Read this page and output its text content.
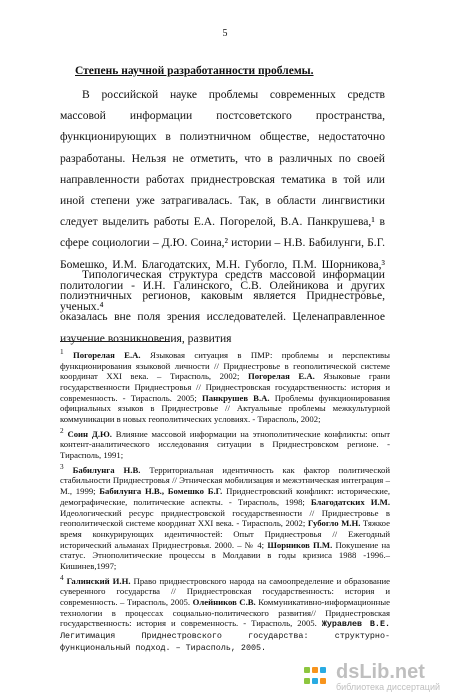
5
Степень научной разработанности проблемы.

В российской науке проблемы современных средств массовой информации постсоветского пространства, функционирующих в полиэтничном обществе, недостаточно разработаны. Нельзя не отметить, что в различных по своей направленности работах приднестровская тематика в той или иной степени уже затрагивалась. Так, в области лингвистики следует выделить работы Е.А. Погорелой, В.А. Панкрушева,¹ в сфере социологии – Д.Ю. Соина,² истории – Н.В. Бабилунги, Б.Г. Бомешко, И.М. Благодатских, М.Н. Губогло, П.М. Шорникова,³ политологии - И.Н. Галинского, С.В. Олейникова и других ученых.⁴

Типологическая структура средств массовой информации полиэтничных регионов, каковым является Приднестровье, оказалась вне поля зрения исследователей. Целенаправленное изучение возникновения, развития

$^1$ Погорелая Е.А. Языковая ситуация в ПМР: проблемы и перспективы функционирования языковой личности // Приднестровье в геополитической системе координат XXI века. – Тирасполь, 2002; Погорелая Е.А. Языковые грани государственности Приднестровья // Приднестровская государственность: история и современность. - Тирасполь. 2005; Панкрушев В.А. Проблемы функционирования официальных языков в Приднестровье // Актуальные проблемы межкультурной коммуникации в новых геополитических условиях. - Тирасполь, 2002;

$^2$ Соин Д.Ю. Влияние массовой информации на этнополитические конфликты: опыт контент-аналитического исследования ситуации в Приднестровском регионе. - Тирасполь, 1991;

$^3$ Бабилунга Н.В. Территориальная идентичность как фактор политической стабильности Приднестровья // Этническая мобилизация и межэтническая интеграция – М., 1999; Бабилунга Н.В., Бомешко Б.Г. Приднестровский конфликт: исторические, демографические, политические аспекты. - Тирасполь, 1998; Благодатских И.М. Идеологический ресурс приднестровской государственности // Приднестровье в геополитической системе координат XXI века. - Тирасполь, 2002; Губогло М.Н. Тяжкое время конкурирующих идентичностей: Опыт Приднестровья // Ежегодный исторический альманах Приднестровья. 2000. – № 4; Шорников П.М. Покушение на статус. Этнополитические процессы в Молдавии в годы кризиса 1988 -1996.– Кишинев,1997;

$^4$ Галинский И.Н. Право приднестровского народа на самоопределение и образование суверенного государства // Приднестровская государственность: история и современность. – Тирасполь, 2005. Олейников С.В. Коммуникативно-информационные технологии в процессах социально-политического развития// Приднестровская государственность: история и современность. - Тирасполь, 2005. Журавлев В.Е. Легитимация Приднестровского государства: структурно-функциональный подход. – Тирасполь, 2005.

dsLib.net
библиотека диссертаций
